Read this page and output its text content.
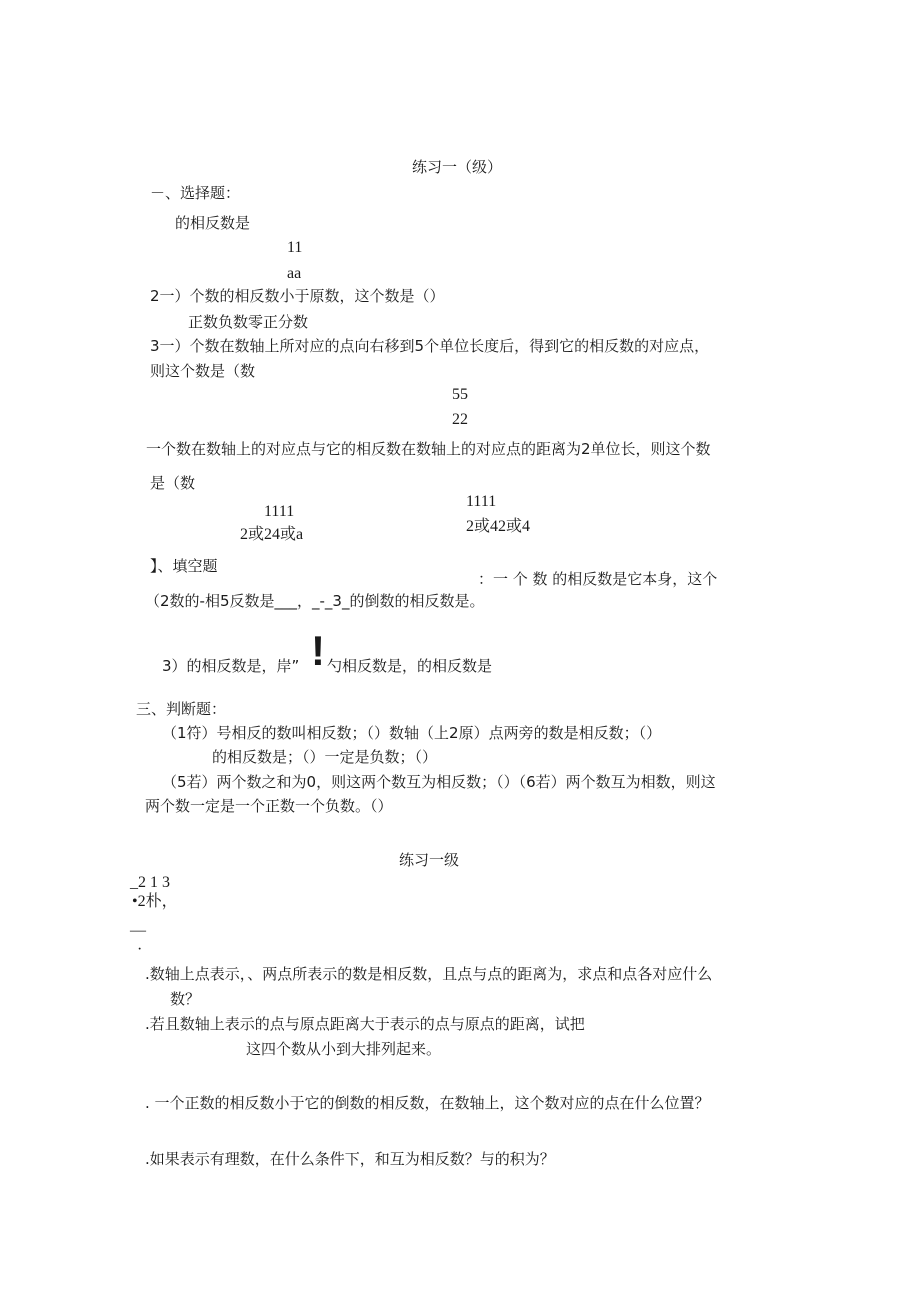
练习一（级）
－、选择题：
的相反数是
11
aa
2一）个数的相反数小于原数，这个数是（）
正数负数零正分数
3一）个数在数轴上所对应的点向右移到5个单位长度后，得到它的相反数的对应点，
则这个数是（数
55
22
一个数在数轴上的对应点与它的相反数在数轴上的对应点的距离为2单位长，则这个数
是（数
1111
2或24或a
1111
2或42或4
】、填空题
：一 个 数 的相反数是它本身，这个
（2数的-相5反数是___，_-_3_的倒数的相反数是。
3）的相反数是，岸” ! 勺相反数是，的相反数是
三、判断题：
（1符）号相反的数叫相反数；（）数轴（上2原）点两旁的数是相反数；（）
的相反数是；（）一定是负数；（）
（5若）两个数之和为0，则这两个数互为相反数；（）（6若）两个数互为相数，则这
两个数一定是一个正数一个负数。（）
练习一级
_2 1 3
•2朴，
—
·
.数轴上点表示，、两点所表示的数是相反数，且点与点的距离为，求点和点各对应什么
数？
.若且数轴上表示的点与原点距离大于表示的点与原点的距离，试把
这四个数从小到大排列起来。
. 一个正数的相反数小于它的倒数的相反数，在数轴上，这个数对应的点在什么位置？
.如果表示有理数，在什么条件下，和互为相反数？与的积为？
